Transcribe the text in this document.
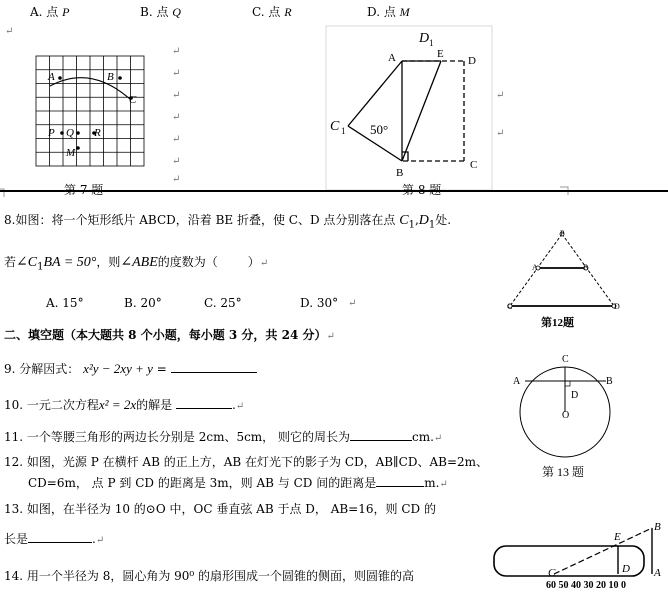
A. 点 P	B. 点 Q	C. 点 R	D. 点 M
↵
A	B
C
P Q R
M
↵
↵
↵
↵
↵
↵
↵
D 1
A	E
D
C 1 50°
B
C
↵
↵
8.如图：将一个矩形纸片 ABCD，沿着 BE 折叠，使 C、D 点分别落在点 $C_1,D_1$处.
若$\angle C_1BA = 50^\circ$，则∠ABE的度数为（	）↵
A. 15°	B. 20°	C. 25°	D. 30° ↵
二、填空题（本大题共 8 个小题，每小题 3 分，共 24 分）↵
9. 分解因式： x²y − 2xy + y =
10. 一元二次方程x² = 2x的解是	.↵
11. 一个等腰三角形的两边长分别是 2cm、5cm， 则它的周长为	cm.↵
12. 如图，光源 P 在横杆 AB 的正上方，AB 在灯光下的影子为 CD，AB∥CD、AB=2m、
CD=6m， 点 P 到 CD 的距离是 3m，则 AB 与 CD 间的距离是	m.↵
13. 如图，在半径为 10 的⊙O 中，OC 垂直弦 AB 于点 D， AB=16，则 CD 的
长是	.↵
14. 用一个半径为 8，圆心角为 90⁰ 的扇形围成一个圆锥的侧面，则圆锥的高
P
A	B
C	D
第12题
C
A	B
D
O
第 13 题
E
B
C	D A
60 50 40 30 20 10 0
